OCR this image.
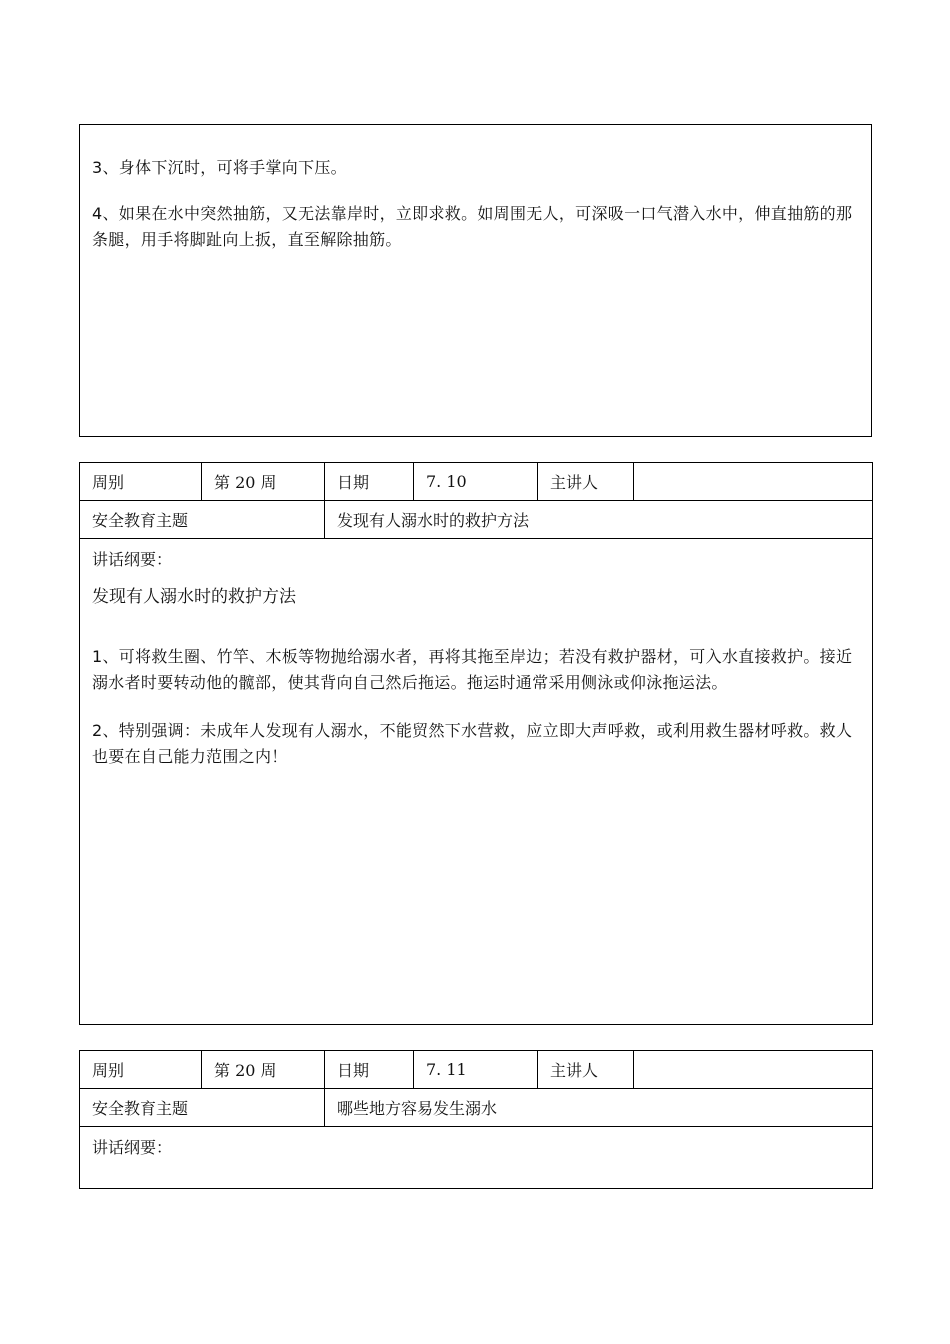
3、身体下沉时，可将手掌向下压。

4、如果在水中突然抽筋，又无法靠岸时，立即求救。如周围无人，可深吸一口气潜入水中，伸直抽筋的那条腿，用手将脚趾向上扳，直至解除抽筋。

周别	第 20 周	日期	7. 10	主讲人	
安全教育主题		发现有人溺水时的救护方法			

讲话纲要：
发现有人溺水时的救护方法

1、可将救生圈、竹竿、木板等物抛给溺水者，再将其拖至岸边；若没有救护器材，可入水直接救护。接近溺水者时要转动他的髋部，使其背向自己然后拖运。拖运时通常采用侧泳或仰泳拖运法。

2、特别强调：未成年人发现有人溺水，不能贸然下水营救，应立即大声呼救，或利用救生器材呼救。救人也要在自己能力范围之内！					

周别	第 20 周	日期	7. 11	主讲人	
安全教育主题		哪些地方容易发生溺水			

讲话纲要：					
